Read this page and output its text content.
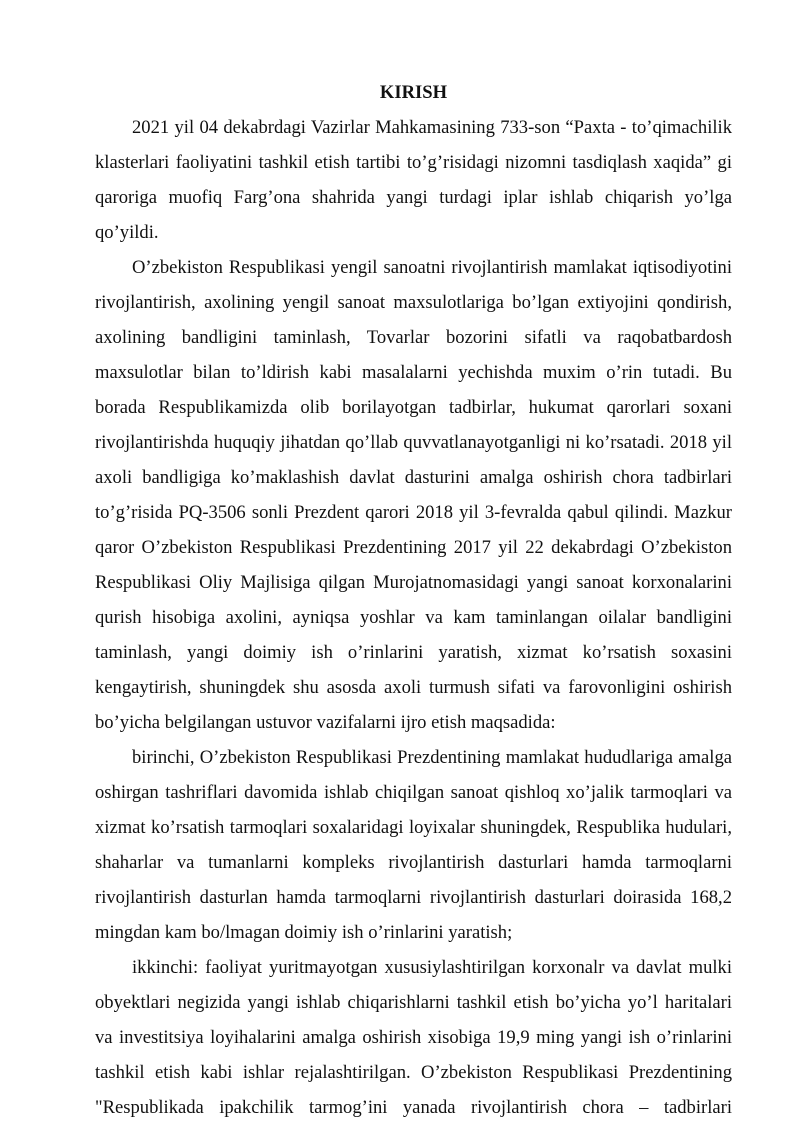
KIRISH

2021 yil 04 dekabrdagi Vazirlar Mahkamasining 733-son “Paxta - to’qimachilik klasterlari faoliyatini tashkil etish tartibi to’g’risidagi nizomni tasdiqlash xaqida” gi qaroriga muofiq Farg’ona shahrida yangi turdagi iplar ishlab chiqarish yo’lga qo’yildi.

O’zbekiston Respublikasi yengil sanoatni rivojlantirish mamlakat iqtisodiyotini rivojlantirish, axolining yengil sanoat maxsulotlariga bo’lgan extiyojini qondirish, axolining bandligini taminlash, Tovarlar bozorini sifatli va raqobatbardosh maxsulotlar bilan to’ldirish kabi masalalarni yechishda muxim o’rin tutadi. Bu borada Respublikamizda olib borilayotgan tadbirlar, hukumat qarorlari soxani rivojlantirishda huquqiy jihatdan qo’llab quvvatlanayotganligi ni ko’rsatadi. 2018 yil axoli bandligiga ko’maklashish davlat dasturini amalga oshirish chora tadbirlari to’g’risida PQ-3506 sonli Prezdent qarori 2018 yil 3-fevralda qabul qilindi. Mazkur qaror O’zbekiston Respublikasi Prezdentining 2017 yil 22 dekabrdagi O’zbekiston Respublikasi Oliy Majlisiga qilgan Murojatnomasidagi yangi sanoat korxonalarini qurish hisobiga axolini, ayniqsa yoshlar va kam taminlangan oilalar bandligini taminlash, yangi doimiy ish o’rinlarini yaratish, xizmat ko’rsatish soxasini kengaytirish, shuningdek shu asosda axoli turmush sifati va farovonligini oshirish bo’yicha belgilangan ustuvor vazifalarni ijro etish maqsadida:

birinchi, O’zbekiston Respublikasi Prezdentining mamlakat hududlariga amalga oshirgan tashriflari davomida ishlab chiqilgan sanoat qishloq xo’jalik tarmoqlari va xizmat ko’rsatish tarmoqlari soxalaridagi loyixalar shuningdek, Respublika hudulari, shaharlar va tumanlarni kompleks rivojlantirish dasturlari hamda tarmoqlarni rivojlantirish dasturlan hamda tarmoqlarni rivojlantirish dasturlari doirasida 168,2 mingdan kam bo/lmagan doimiy ish o’rinlarini yaratish;

ikkinchi: faoliyat yuritmayotgan xususiylashtirilgan korxonalr va davlat mulki obyektlari negizida yangi ishlab chiqarishlarni tashkil etish bo’yicha yo’l haritalari va investitsiya loyihalarini amalga oshirish xisobiga 19,9 ming yangi ish o’rinlarini tashkil etish kabi ishlar rejalashtirilgan. O’zbekiston Respublikasi Prezdentining "Respublikada ipakchilik tarmog’ini yanada rivojlantirish chora – tadbirlari
